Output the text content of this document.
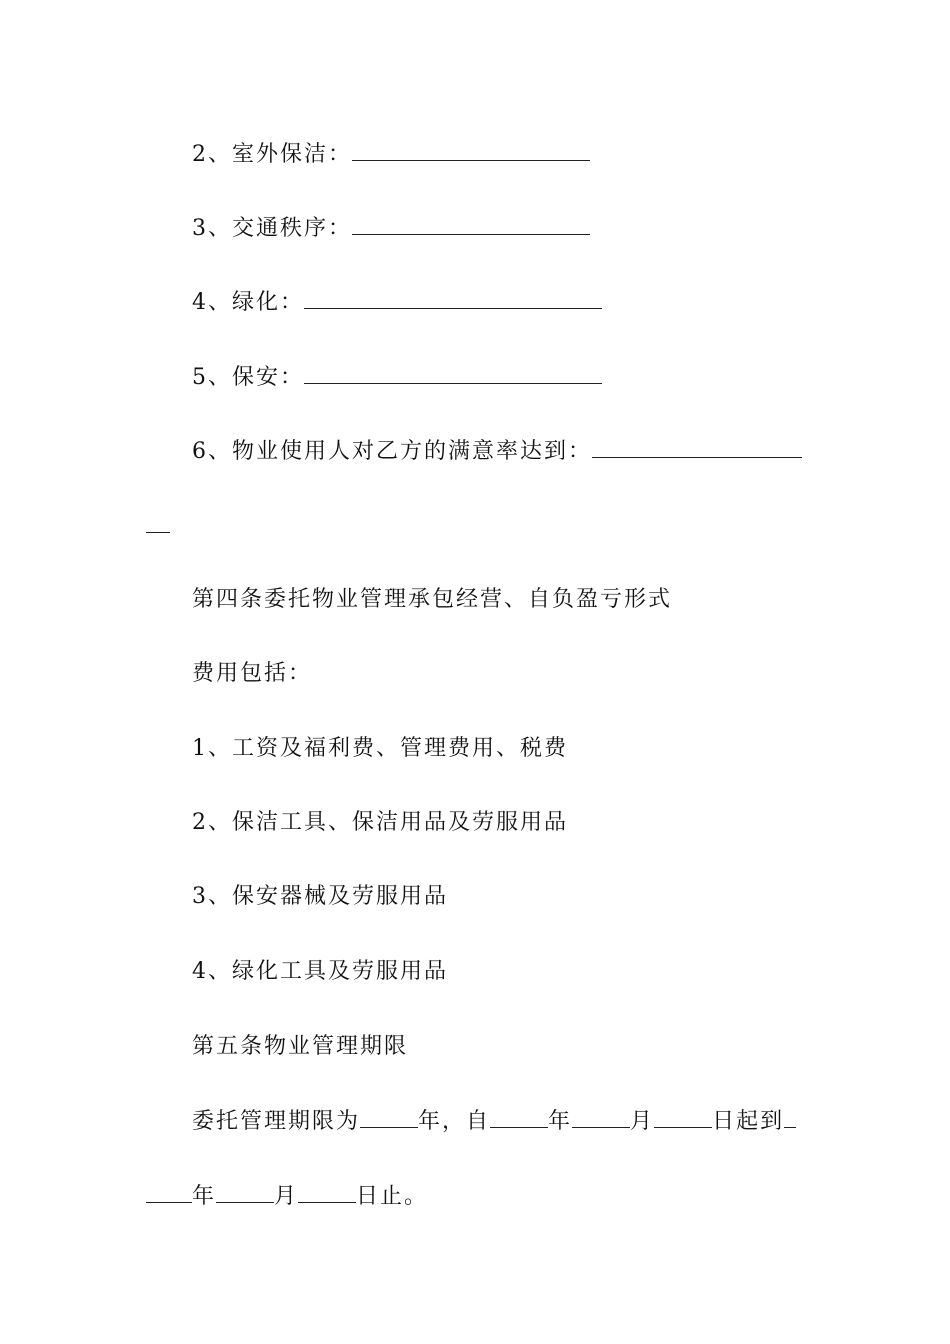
2、室外保洁：
3、交通秩序：
4、绿化：
5、保安：
6、物业使用人对乙方的满意率达到：
第四条委托物业管理承包经营、自负盈亏形式
费用包括：
1、工资及福利费、管理费用、税费
2、保洁工具、保洁用品及劳服用品
3、保安器械及劳服用品
4、绿化工具及劳服用品
第五条物业管理期限
委托管理期限为	年，自	年	月	日起到
年	月	日止。
